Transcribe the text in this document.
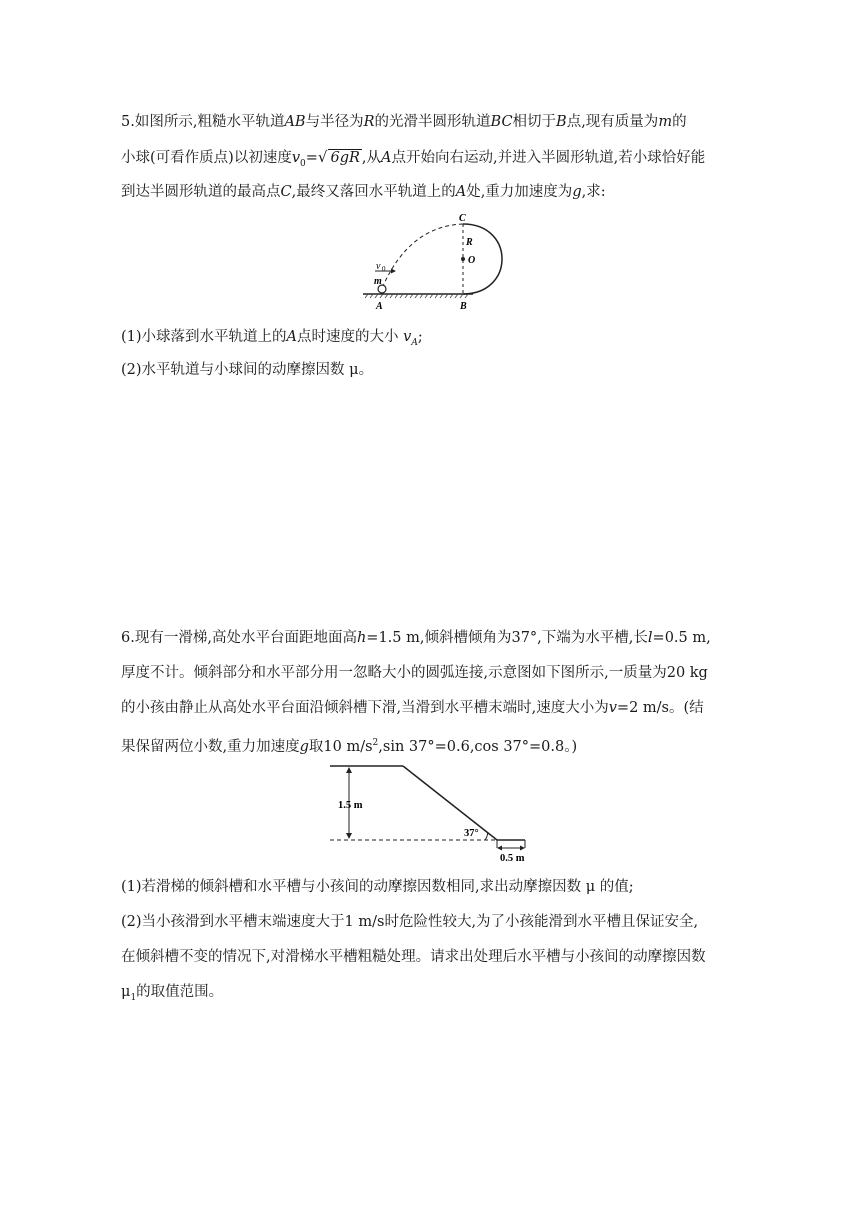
5.如图所示,粗糙水平轨道AB与半径为R的光滑半圆形轨道BC相切于B点,现有质量为m的
小球(可看作质点)以初速度$v_0=√$ 6gR ,从A点开始向右运动,并进入半圆形轨道,若小球恰好能
到达半圆形轨道的最高点C,最终又落回水平轨道上的A处,重力加速度为g,求:
v 0
m
A	B
C
R
O
(1)小球落到水平轨道上的A点时速度的大小 $v_A$;
(2)水平轨道与小球间的动摩擦因数 μ。
6.现有一滑梯,高处水平台面距地面高h=1.5 m,倾斜槽倾角为37°,下端为水平槽,长l=0.5 m,
厚度不计。倾斜部分和水平部分用一忽略大小的圆弧连接,示意图如下图所示,一质量为20 kg
的小孩由静止从高处水平台面沿倾斜槽下滑,当滑到水平槽末端时,速度大小为v=2 m/s。(结
果保留两位小数,重力加速度g取10 $m/s^2,\sin$ 37°=0.6,cos 37°=0.8。)
1.5 m
37°
0.5 m
(1)若滑梯的倾斜槽和水平槽与小孩间的动摩擦因数相同,求出动摩擦因数 μ 的值;
(2)当小孩滑到水平槽末端速度大于1 m/s时危险性较大,为了小孩能滑到水平槽且保证安全,
在倾斜槽不变的情况下,对滑梯水平槽粗糙处理。请求出处理后水平槽与小孩间的动摩擦因数
$\mu_1$的取值范围。
